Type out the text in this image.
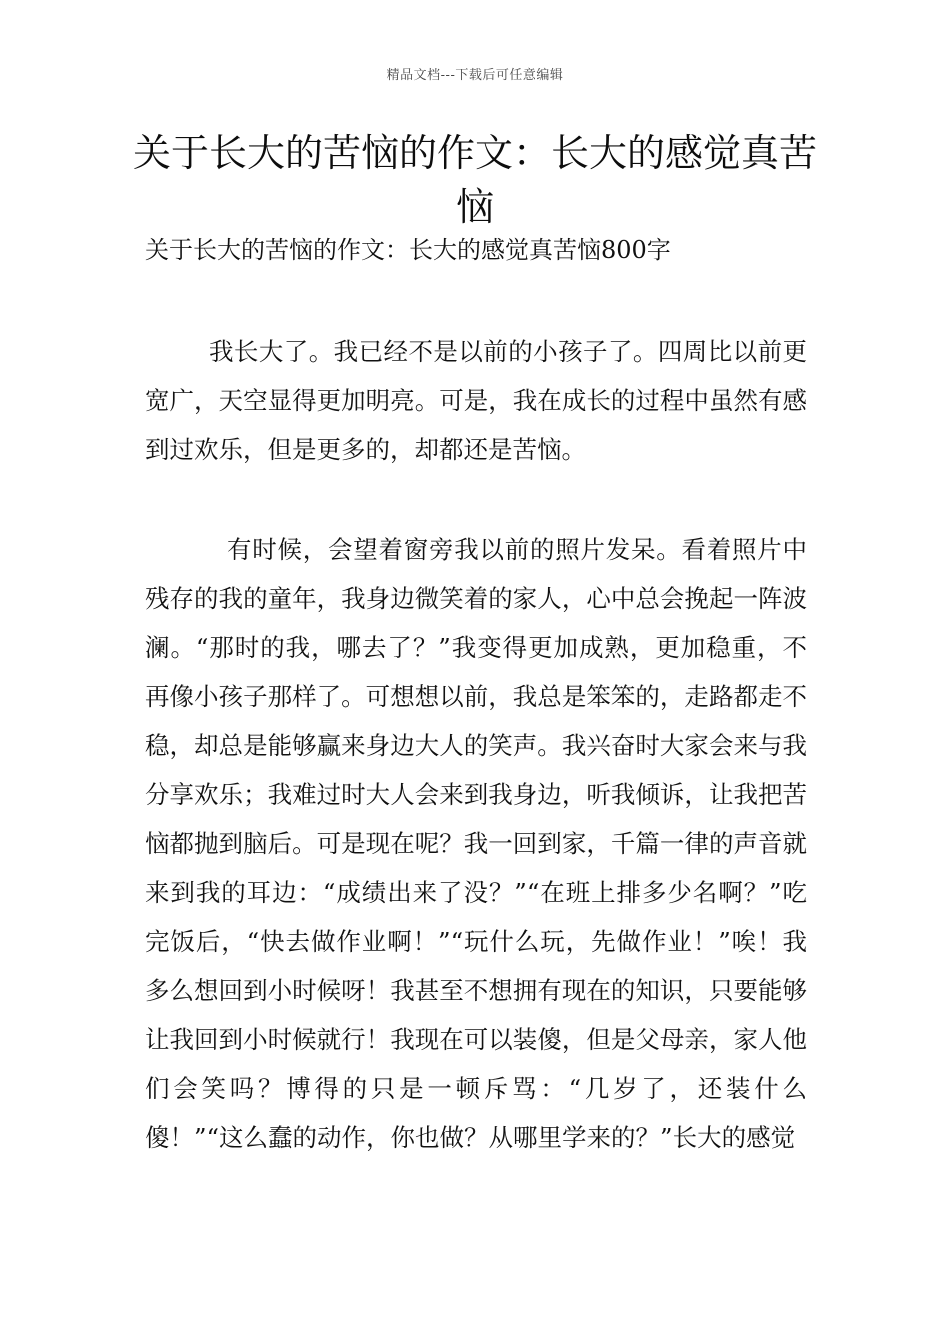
精品文档---下载后可任意编辑
关于长大的苦恼的作文：长大的感觉真苦恼
关于长大的苦恼的作文：长大的感觉真苦恼800字

我长大了。我已经不是以前的小孩子了。四周比以前更宽广，天空显得更加明亮。可是，我在成长的过程中虽然有感到过欢乐，但是更多的，却都还是苦恼。

有时候，会望着窗旁我以前的照片发呆。看着照片中残存的我的童年，我身边微笑着的家人，心中总会挽起一阵波澜。“那时的我，哪去了？”我变得更加成熟，更加稳重，不再像小孩子那样了。可想想以前，我总是笨笨的，走路都走不稳，却总是能够赢来身边大人的笑声。我兴奋时大家会来与我分享欢乐；我难过时大人会来到我身边，听我倾诉，让我把苦恼都抛到脑后。可是现在呢？我一回到家，千篇一律的声音就来到我的耳边：“成绩出来了没？”“在班上排多少名啊？”吃完饭后，“快去做作业啊！”“玩什么玩，先做作业！”唉！我多么想回到小时候呀！我甚至不想拥有现在的知识，只要能够让我回到小时候就行！我现在可以装傻，但是父母亲，家人他们会笑吗？博得的只是一顿斥骂：“几岁了，还装什么傻！”“这么蠢的动作，你也做？从哪里学来的？”长大的感觉
